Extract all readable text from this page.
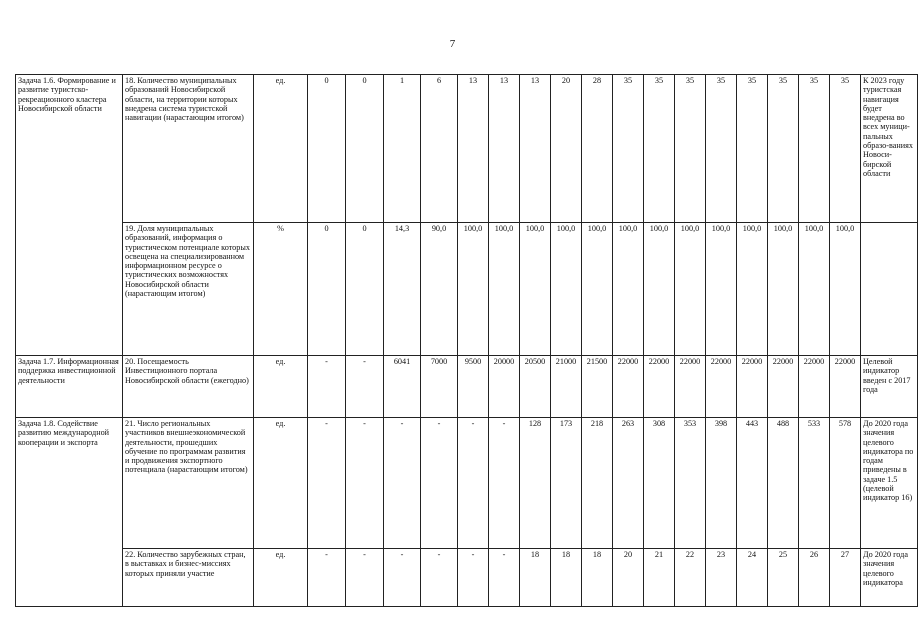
7
Задача 1.6. Формирование и развитие туристско-рекреационного кластера Новосибирской области	18. Количество муниципальных образований Новосибирской области, на территории которых внедрена система туристской навигации (нарастающим итогом)	ед.	0	0	1	6	13	13	13	20	28	35	35	35	35	35	35	35	35	К 2023 году туристская навигация будет внедрена во всех муници-пальных образо-ваниях Новоси-бирской области
	19. Доля муниципальных образований, информация о туристическом потенциале которых освещена на специализированном информационном ресурсе о туристических возможностях Новосибирской области (нарастающим итогом)	%	0	0	14,3	90,0	100,0	100,0	100,0	100,0	100,0	100,0	100,0	100,0	100,0	100,0	100,0	100,0	100,0	
Задача 1.7. Информационная поддержка инвестиционной деятельности	20. Посещаемость Инвестиционного портала Новосибирской области (ежегодно)	ед.	-	-	6041	7000	9500	20000	20500	21000	21500	22000	22000	22000	22000	22000	22000	22000	22000	Целевой индикатор введен с 2017 года
Задача 1.8. Содействие развитию международной кооперации и экспорта	21. Число региональных участников внешнеэкономической деятельности, прошедших обучение по программам развития и продвижения экспортного потенциала (нарастающим итогом)	ед.	-	-	-	-	-	-	128	173	218	263	308	353	398	443	488	533	578	До 2020 года значения целевого индикатора по годам приведены в задаче 1.5 (целевой индикатор 16)
	22. Количество зарубежных стран, в выставках и бизнес-миссиях которых приняли участие	ед.	-	-	-	-	-	-	18	18	18	20	21	22	23	24	25	26	27	До 2020 года значения целевого индикатора
